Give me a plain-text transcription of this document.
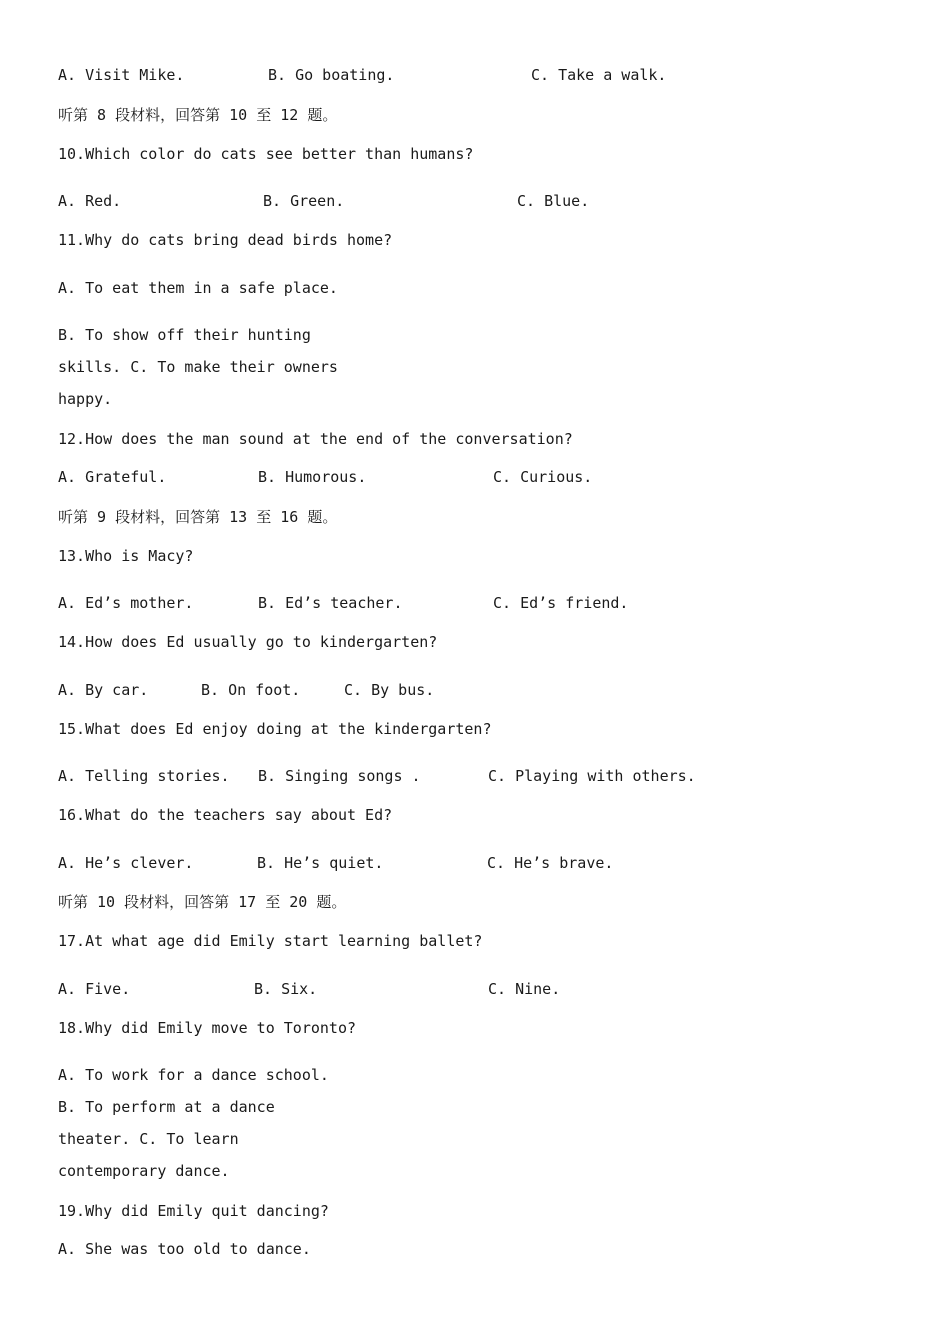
A. Visit Mike.	B. Go boating.	C. Take a walk.
听第 8 段材料，回答第 10 至 12 题。
10.Which color do cats see better than humans?
A. Red.	B. Green.	C. Blue.
11.Why do cats bring dead birds home?
A. To eat them in a safe place.
B. To show off their hunting
skills. C. To make their owners
happy.
12.How does the man sound at the end of the conversation?
A. Grateful.	B. Humorous.	C. Curious.
听第 9 段材料，回答第 13 至 16 题。
13.Who is Macy?
A. Ed’s mother.	B. Ed’s teacher.	C. Ed’s friend.
14.How does Ed usually go to kindergarten?
A. By car.	B. On foot.	C. By bus.
15.What does Ed enjoy doing at the kindergarten?
A. Telling stories. B. Singing songs .	C. Playing with others.
16.What do the teachers say about Ed?
A. He’s clever.	B. He’s quiet.	C. He’s brave.
听第 10 段材料，回答第 17 至 20 题。
17.At what age did Emily start learning ballet?
A. Five.	B. Six.	C. Nine.
18.Why did Emily move to Toronto?
A. To work for a dance school.
B. To perform at a dance
theater. C. To learn
contemporary dance.
19.Why did Emily quit dancing?
A. She was too old to dance.
